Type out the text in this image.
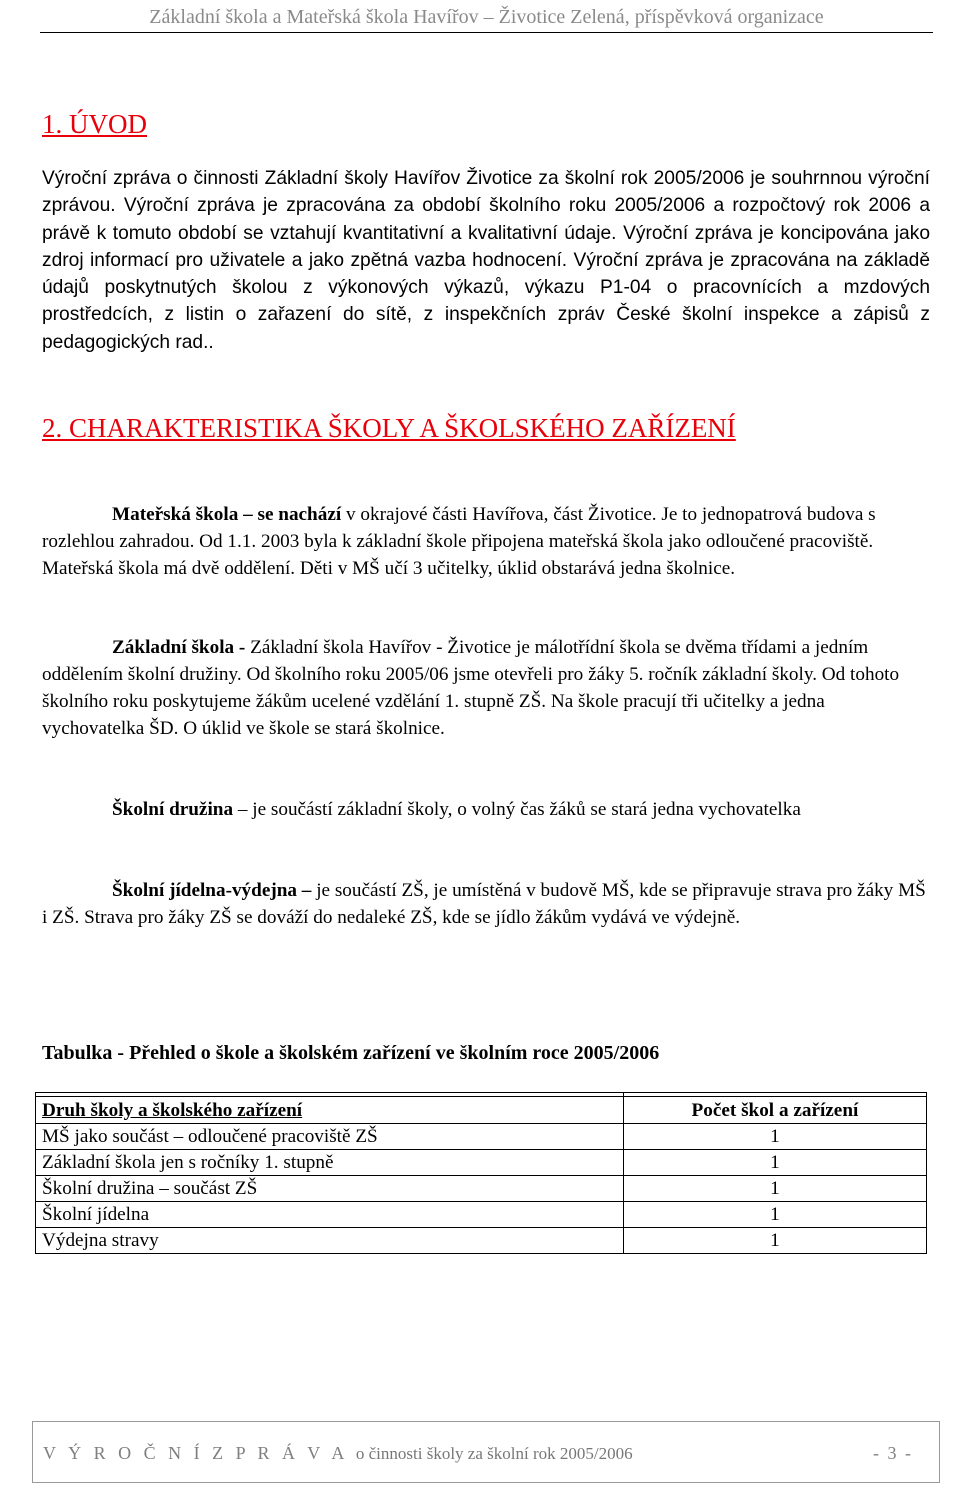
Základní škola a Mateřská škola Havířov – Životice Zelená, příspěvková organizace
1. ÚVOD

Výroční zpráva o činnosti Základní školy Havířov Životice za školní rok 2005/2006 je souhrnnou výroční zprávou. Výroční zpráva je zpracována za období školního roku 2005/2006 a rozpočtový rok 2006 a právě k tomuto období se vztahují kvantitativní a kvalitativní údaje. Výroční zpráva je koncipována jako zdroj informací pro uživatele a jako zpětná vazba hodnocení. Výroční zpráva je zpracována na základě údajů poskytnutých školou z výkonových výkazů, výkazu P1-04 o pracovnících a mzdových prostředcích, z listin o zařazení do sítě, z inspekčních zpráv České školní inspekce a zápisů z pedagogických rad..

2. CHARAKTERISTIKA ŠKOLY A ŠKOLSKÉHO ZAŘÍZENÍ

Mateřská škola – se nachází v okrajové části Havířova, část Životice. Je to jednopatrová budova s rozlehlou zahradou. Od 1.1. 2003 byla k základní škole připojena mateřská škola jako odloučené pracoviště. Mateřská škola má dvě oddělení. Děti v MŠ učí 3 učitelky, úklid obstarává jedna školnice.

Základní škola - Základní škola Havířov - Životice je málotřídní škola se dvěma třídami a jedním oddělením školní družiny. Od školního roku 2005/06 jsme otevřeli pro žáky 5. ročník základní školy. Od tohoto školního roku poskytujeme žákům ucelené vzdělání 1. stupně ZŠ. Na škole pracují tři učitelky a jedna vychovatelka ŠD. O úklid ve škole se stará školnice.

Školní družina – je součástí základní školy, o volný čas žáků se stará jedna vychovatelka

Školní jídelna-výdejna – je součástí ZŠ, je umístěná v budově MŠ, kde se připravuje strava pro žáky MŠ i ZŠ. Strava pro žáky ZŠ se dováží do nedaleké ZŠ, kde se jídlo žákům vydává ve výdejně.

Tabulka - Přehled o škole a školském zařízení ve školním roce 2005/2006

Druh školy a školského zařízení	Počet škol a zařízení
MŠ jako součást – odloučené pracoviště ZŠ	1
Základní škola jen s ročníky 1. stupně	1
Školní družina – součást ZŠ	1
Školní jídelna	1
Výdejna stravy	1
V Ý R O Č N Í Z P R Á V A o činnosti školy za školní rok 2005/2006	- 3 -
